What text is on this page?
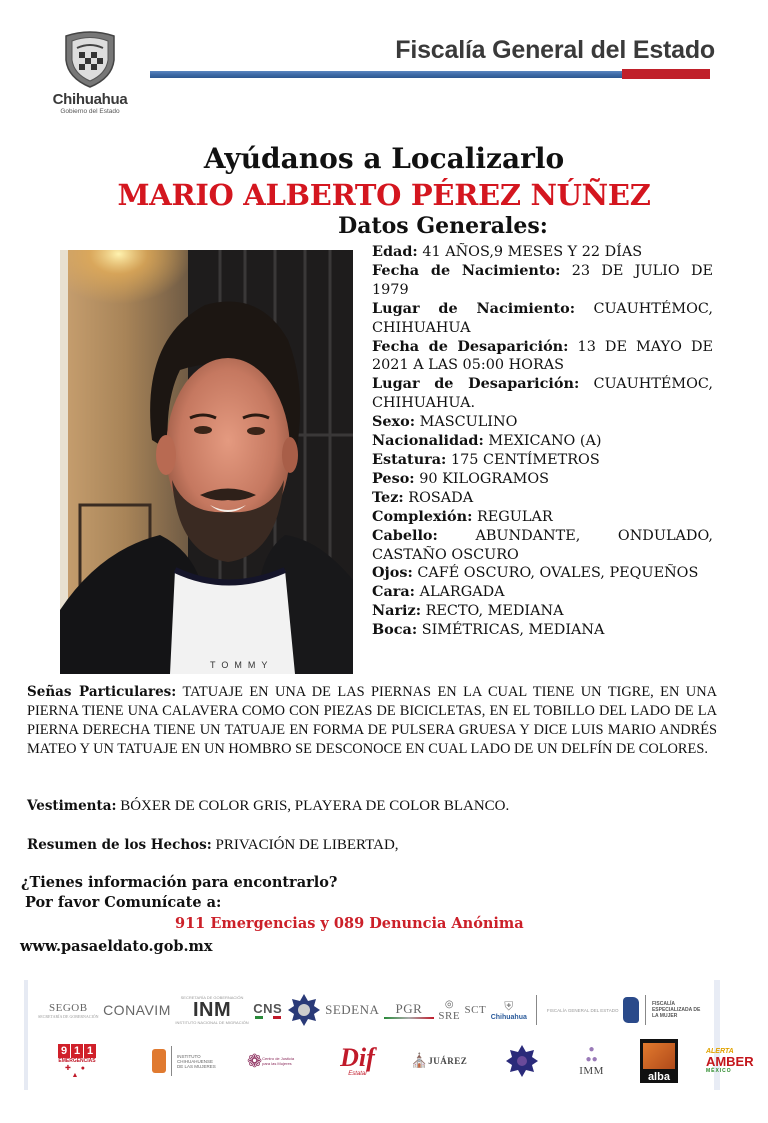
Chihuahua
Gobierno del Estado
Fiscalía General del Estado
Ayúdanos a Localizarlo
MARIO ALBERTO PÉREZ NÚÑEZ
Datos Generales:
TOMMY
Edad: 41 AÑOS,9 MESES Y 22 DÍAS
Fecha de Nacimiento: 23 DE JULIO DE 1979
Lugar de Nacimiento: CUAUHTÉMOC, CHIHUAHUA
Fecha de Desaparición: 13 DE MAYO DE 2021 A LAS 05:00 HORAS
Lugar de Desaparición: CUAUHTÉMOC, CHIHUAHUA.
Sexo: MASCULINO
Nacionalidad: MEXICANO (A)
Estatura: 175 CENTÍMETROS
Peso: 90 KILOGRAMOS
Tez: ROSADA
Complexión: REGULAR
Cabello:	ABUNDANTE, ONDULADO, CASTAÑO OSCURO
Ojos: CAFÉ OSCURO, OVALES, PEQUEÑOS
Cara: ALARGADA
Nariz: RECTO, MEDIANA
Boca: SIMÉTRICAS, MEDIANA
Señas Particulares: TATUAJE EN UNA DE LAS PIERNAS EN LA CUAL TIENE UN TIGRE, EN UNA PIERNA TIENE UNA CALAVERA COMO CON PIEZAS DE BICICLETAS, EN EL TOBILLO DEL LADO DE LA PIERNA DERECHA TIENE UN TATUAJE EN FORMA DE PULSERA GRUESA Y DICE LUIS MARIO ANDRÉS MATEO Y UN TATUAJE EN UN HOMBRO SE DESCONOCE EN CUAL LADO DE UN DELFÍN DE COLORES.
Vestimenta: BÓXER DE COLOR GRIS, PLAYERA DE COLOR BLANCO.
Resumen de los Hechos: PRIVACIÓN DE LIBERTAD,
¿Tienes información para encontrarlo?
Por favor Comunícate a:
911 Emergencias y 089 Denuncia Anónima
www.pasaeldato.gob.mx
SEGOB
SECRETARÍA DE GOBERNACIÓN CONAVIM
SECRETARÍA DE GOBERNACIÓN
INM
INSTITUTO NACIONAL DE MIGRACIÓN
CNS	SEDENA PGR ◎
SRE SCT ⛨
Chihuahua
FISCALÍA GENERAL DEL ESTADO
FISCALÍA ESPECIALIZADA DE LA MUJER
9 1 1
EMERGENCIAS
✚ ● ▲
INSTITUTO CHIHUAHUENSE DE LAS MUJERES ❁ Centro de Justicia para las Mujeres Dif
Estatal
⛪ JUÁREZ
●
●●
IMM	alba
ALERTA
AMBER
MÉXICO
